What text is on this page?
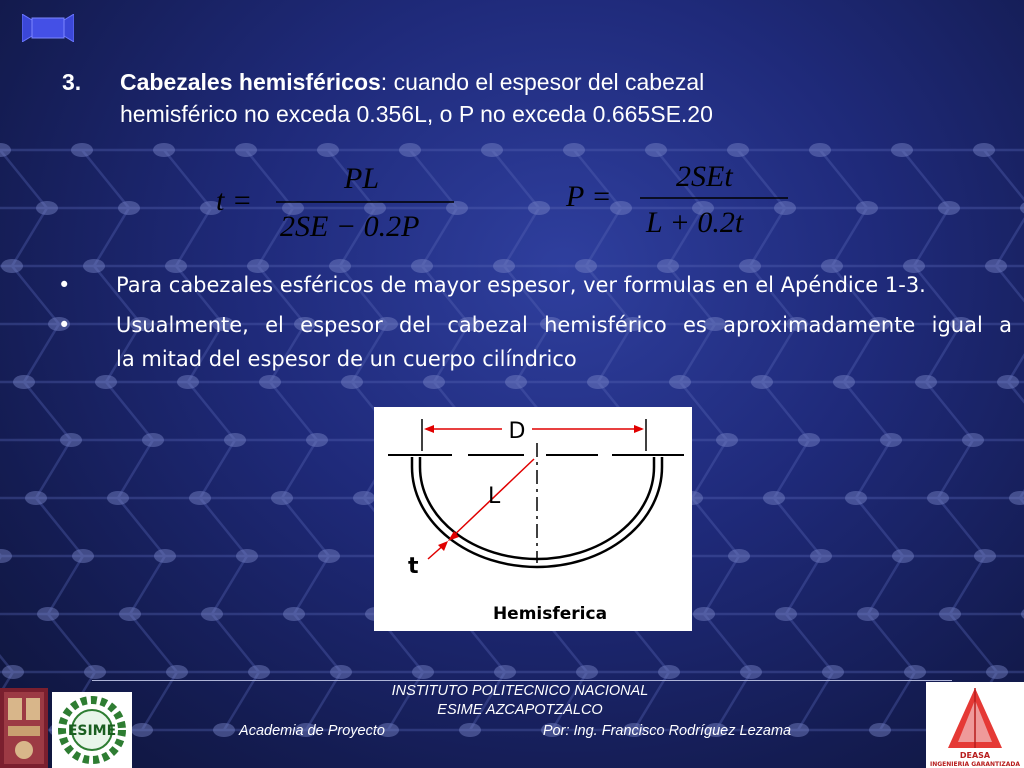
3. Cabezales hemisféricos: cuando el espesor del cabezal
hemisférico no exceda 0.356L, o P no exceda 0.665SE.20
t =
PL
2SE − 0.2P
P =
2SEt
L + 0.2t
• Para cabezales esféricos de mayor espesor, ver formulas en el Apéndice 1-3.
• Usualmente, el espesor del cabezal hemisférico es aproximadamente igual a
la mitad del espesor de un cuerpo cilíndrico
D
L
t
Hemisferica
INSTITUTO POLITECNICO NACIONAL
ESIME AZCAPOTZALCO
Academia de Proyecto	Por: Ing. Francisco Rodríguez Lezama
ESIME
DEASA
INGENIERIA GARANTIZADA
